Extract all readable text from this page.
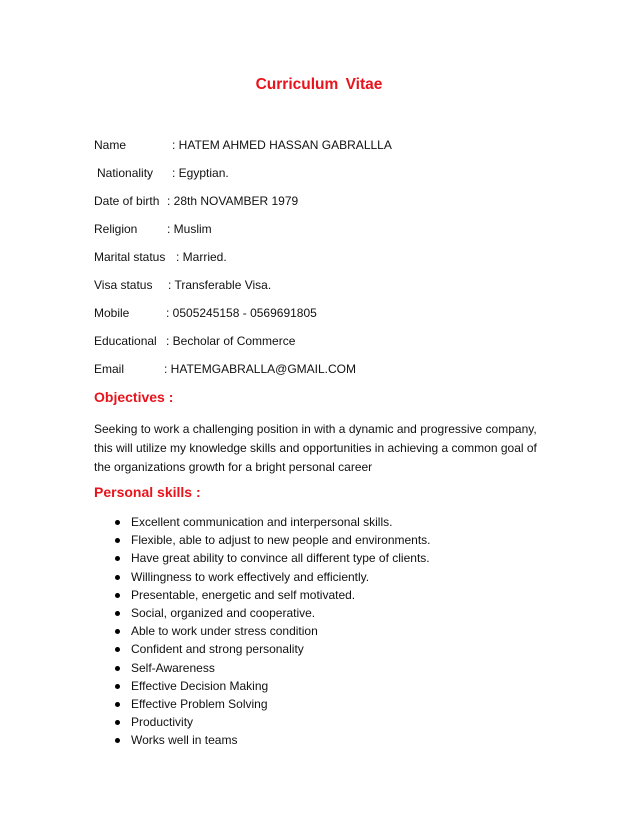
Curriculum Vitae
Name	: HATEM AHMED HASSAN GABRALLLA
Nationality : Egyptian.
Date of birth : 28th NOVAMBER 1979
Religion : Muslim
Marital status : Married.
Visa status : Transferable Visa.
Mobile	: 0505245158 - 0569691805
Educational : Becholar of Commerce
Email	: HATEMGABRALLA@GMAIL.COM
Objectives :
Seeking to work a challenging position in with a dynamic and progressive company, this will utilize my knowledge skills and opportunities in achieving a common goal of the organizations growth for a bright personal career
Personal skills :
Excellent communication and interpersonal skills.
Flexible, able to adjust to new people and environments.
Have great ability to convince all different type of clients.
Willingness to work effectively and efficiently.
Presentable, energetic and self motivated.
Social, organized and cooperative.
Able to work under stress condition
Confident and strong personality
Self-Awareness
Effective Decision Making
Effective Problem Solving
Productivity
Works well in teams
